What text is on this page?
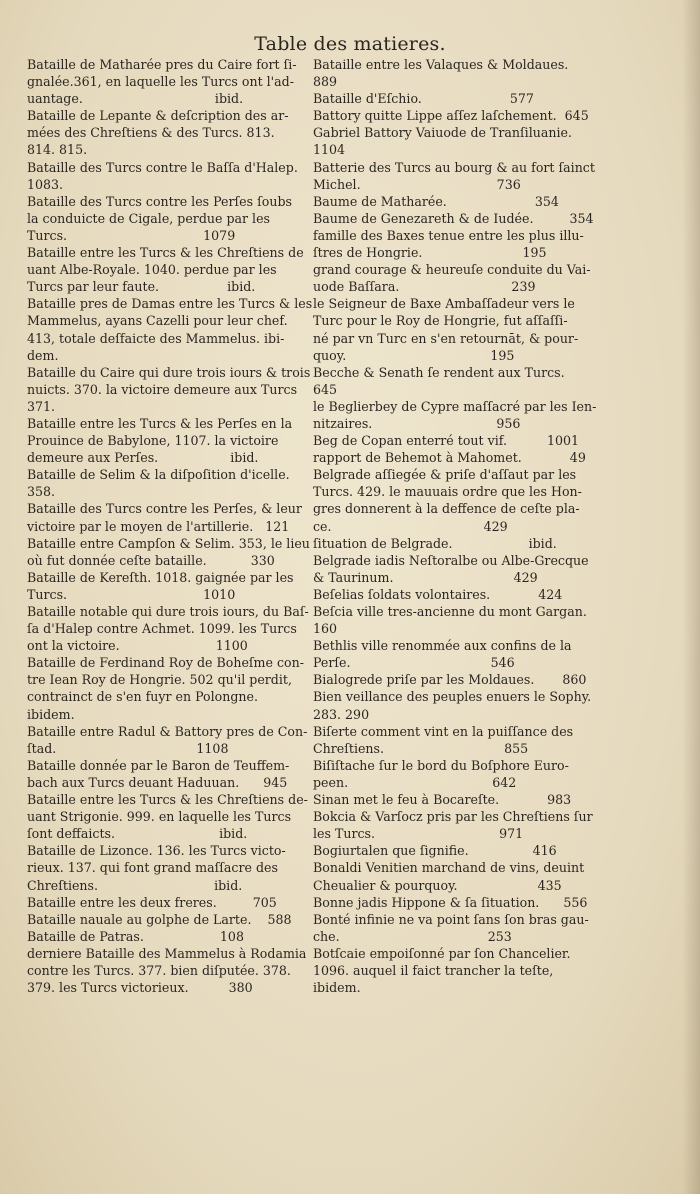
Table des matieres.

Bataille de Matharée pres du Caire fort ſi-
gnalée.361, en laquelle les Turcs ont l'ad-
uantage.                                 ibid.

Bataille de Lepante & deſcription des ar-
mées des Chreſtiens & des Turcs. 813.
814. 815.

Bataille des Turcs contre le Baſſa d'Halep.
1083.

Bataille des Turcs contre les Perſes ſoubs
la conduicte de Cigale, perdue par les
Turcs.                                  1079

Bataille entre les Turcs & les Chreſtiens de
uant Albe-Royale. 1040. perdue par les
Turcs par leur faute.                 ibid.

Bataille pres de Damas entre les Turcs & les
Mammelus, ayans Cazelli pour leur chef.
413, totale deſfaicte des Mammelus. ibi-
dem.

Bataille du Caire qui dure trois iours & trois
nuicts. 370. la victoire demeure aux Turcs
371.

Bataille entre les Turcs & les Perſes en la
Prouince de Babylone, 1107. la victoire
demeure aux Perſes.                  ibid.

Bataille de Selim & la diſpoſition d'icelle.
358.

Bataille des Turcs contre les Perſes, & leur
victoire par le moyen de l'artillerie.   121

Bataille entre Campſon & Selim. 353, le lieu
où fut donnée ceſte bataille.           330

Bataille de Kereſth. 1018. gaignée par les
Turcs.                                  1010

Bataille notable qui dure trois iours, du Baſ-
ſa d'Halep contre Achmet. 1099. les Turcs
ont la victoire.                        1100

Bataille de Ferdinand Roy de Boheſme con-
tre Iean Roy de Hongrie. 502 qu'il perdit,
contrainct de s'en fuyr en Polongne.
ibidem.

Bataille entre Radul & Battory pres de Con-
ſtad.                                   1108

Bataille donnée par le Baron de Teuffem-
bach aux Turcs deuant Haduuan.      945

Bataille entre les Turcs & les Chreſtiens de-
uant Strigonie. 999. en laquelle les Turcs
ſont deffaicts.                          ibid.

Bataille de Lizonce. 136. les Turcs victo-
rieux. 137. qui font grand maſſacre des
Chreſtiens.                             ibid.

Bataille entre les deux freres.         705

Bataille nauale au golphe de Larte.    588

Bataille de Patras.                   108

derniere Bataille des Mammelus à Rodamia
contre les Turcs. 377. bien diſputée. 378.
379. les Turcs victorieux.          380

Bataille entre les Valaques & Moldaues.
889

Bataille d'Eſchio.                      577

Battory quitte Lippe aſſez laſchement.  645

Gabriel Battory Vaiuode de Tranſiluanie.
1104

Batterie des Turcs au bourg & au fort ſainct
Michel.                                  736

Baume de Matharée.                      354

Baume de Genezareth & de Iudée.         354

famille des Baxes tenue entre les plus illu-
ſtres de Hongrie.                         195

grand courage & heureuſe conduite du Vai-
uode Baſſara.                            239

le Seigneur de Baxe Ambaſſadeur vers le
Turc pour le Roy de Hongrie, fut aſſaſſi-
né par vn Turc en s'en retournāt, & pour-
quoy.                                    195

Becche & Senath ſe rendent aux Turcs.
645

le Beglierbey de Cypre maſſacré par les Ien-
nitzaires.                               956

Beg de Copan enterré tout vif.          1001

rapport de Behemot à Mahomet.            49

Belgrade aſſiegée & priſe d'aſſaut par les
Turcs. 429. le mauuais ordre que les Hon-
gres donnerent à la deffence de ceſte pla-
ce.                                      429

ſituation de Belgrade.                   ibid.

Belgrade iadis Neſtoralbe ou Albe-Grecque
& Taurinum.                              429

Beſelias ſoldats volontaires.            424

Beſcia ville tres-ancienne du mont Gargan.
160

Bethlis ville renommée aux confins de la
Perſe.                                   546

Bialogrede priſe par les Moldaues.       860

Bien veillance des peuples enuers le Sophy.
283. 290

Biſerte comment vint en la puiſſance des
Chreſtiens.                              855

Biſiſtache ſur le bord du Boſphore Euro-
peen.                                    642

Sinan met le feu à Bocareſte.            983

Bokcia & Varſocz pris par les Chreſtiens ſur
les Turcs.                               971

Bogiurtalen que ſignifie.                416

Bonaldi Venitien marchand de vins, deuint
Cheualier & pourquoy.                    435

Bonne jadis Hippone & ſa ſituation.      556

Bonté infinie ne va point ſans ſon bras gau-
che.                                     253

Botſcaie empoiſonné par ſon Chancelier.
1096. auquel il faict trancher la teſte,
ibidem.
